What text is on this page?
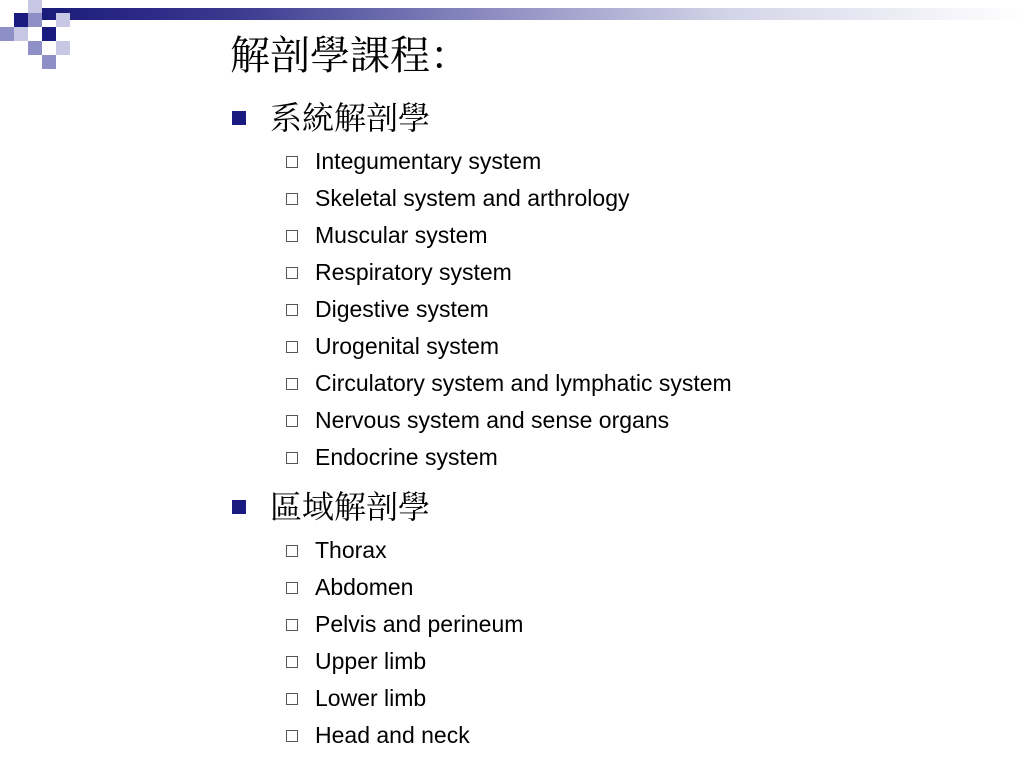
解剖學課程：
系統解剖學
Integumentary system
Skeletal system and arthrology
Muscular system
Respiratory system
Digestive system
Urogenital system
Circulatory system and lymphatic system
Nervous system and sense organs
Endocrine system
區域解剖學
Thorax
Abdomen
Pelvis and perineum
Upper limb
Lower limb
Head and neck
